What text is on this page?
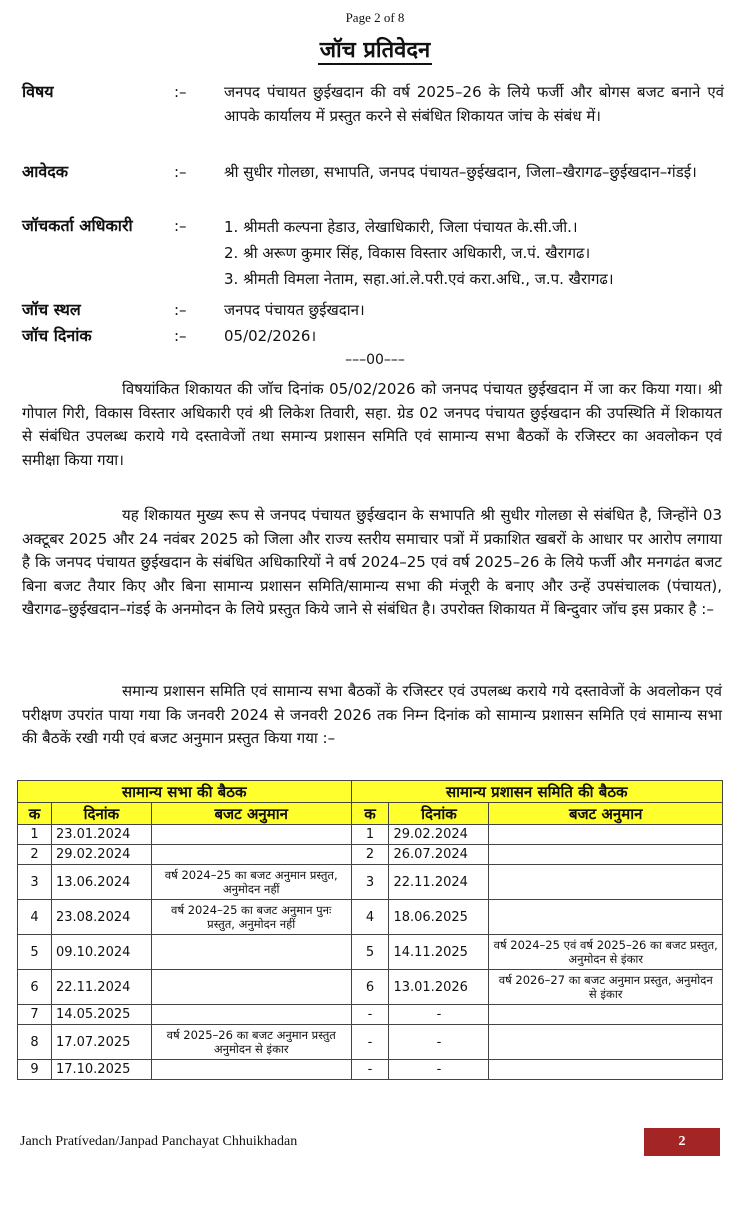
Page 2 of 8
जॉच प्रतिवेदन
विषय	:– जनपद पंचायत छुईखदान की वर्ष 2025–26 के लिये फर्जी और बोगस बजट बनाने एवं आपके कार्यालय में प्रस्तुत करने से संबंधित शिकायत जांच के संबंध में।
आवेदक	:– श्री सुधीर गोलछा, सभापति, जनपद पंचायत–छुईखदान, जिला–खैरागढ–छुईखदान–गंडई।
जॉचकर्ता अधिकारी	:– 1. श्रीमती कल्पना हेडाउ, लेखाधिकारी, जिला पंचायत के.सी.जी.।
2. श्री अरूण कुमार सिंह, विकास विस्तार अधिकारी, ज.पं. खैरागढ।
3. श्रीमती विमला नेताम, सहा.आं.ले.परी.एवं करा.अधि., ज.प. खैरागढ।
जॉच स्थल	:– जनपद पंचायत छुईखदान।
जॉच दिनांक	:– 05/02/2026।
–––00–––
विषयांकित शिकायत की जॉच दिनांक 05/02/2026 को जनपद पंचायत छुईखदान में जा कर किया गया। श्री गोपाल गिरी, विकास विस्तार अधिकारी एवं श्री लिकेश तिवारी, सहा. ग्रेड 02 जनपद पंचायत छुईखदान की उपस्थिति में शिकायत से संबंधित उपलब्ध कराये गये दस्तावेजों तथा समान्य प्रशासन समिति एवं सामान्य सभा बैठकों के रजिस्टर का अवलोकन एवं समीक्षा किया गया।
यह शिकायत मुख्य रूप से जनपद पंचायत छुईखदान के सभापति श्री सुधीर गोलछा से संबंधित है, जिन्होंने 03 अक्टूबर 2025 और 24 नवंबर 2025 को जिला और राज्य स्तरीय समाचार पत्रों में प्रकाशित खबरों के आधार पर आरोप लगाया है कि जनपद पंचायत छुईखदान के संबंधित अधिकारियों ने वर्ष 2024–25 एवं वर्ष 2025–26 के लिये फर्जी और मनगढंत बजट बिना बजट तैयार किए और बिना सामान्य प्रशासन समिति/सामान्य सभा की मंजूरी के बनाए और उन्हें उपसंचालक (पंचायत), खैरागढ–छुईखदान–गंडई के अनमोदन के लिये प्रस्तुत किये जाने से संबंधित है। उपरोक्त शिकायत में बिन्दुवार जॉच इस प्रकार है :–
समान्य प्रशासन समिति एवं सामान्य सभा बैठकों के रजिस्टर एवं उपलब्ध कराये गये दस्तावेजों के अवलोकन एवं परीक्षण उपरांत पाया गया कि जनवरी 2024 से जनवरी 2026 तक निम्न दिनांक को सामान्य प्रशासन समिति एवं सामान्य सभा की बैठकें रखी गयी एवं बजट अनुमान प्रस्तुत किया गया :–
सामान्य सभा की बैठक			सामान्य प्रशासन समिति की बैठक		
क	दिनांक	बजट अनुमान	क	दिनांक	बजट अनुमान
1	23.01.2024		1	29.02.2024	
2	29.02.2024		2	26.07.2024	
3	13.06.2024	वर्ष 2024–25 का बजट अनुमान प्रस्तुत, अनुमोदन नहीं	3	22.11.2024	
4	23.08.2024	वर्ष 2024–25 का बजट अनुमान पुनः प्रस्तुत, अनुमोदन नहीं	4	18.06.2025	
5	09.10.2024		5	14.11.2025	वर्ष 2024–25 एवं वर्ष 2025–26 का बजट प्रस्तुत, अनुमोदन से इंकार
6	22.11.2024		6	13.01.2026	वर्ष 2026–27 का बजट अनुमान प्रस्तुत, अनुमोदन से इंकार
7	14.05.2025		-	-	
8	17.07.2025	वर्ष 2025–26 का बजट अनुमान प्रस्तुत अनुमोदन से इंकार	-	-	
9	17.10.2025		-	-	
Janch Pratívedan/Janpad Panchayat Chhuikhadan	2
